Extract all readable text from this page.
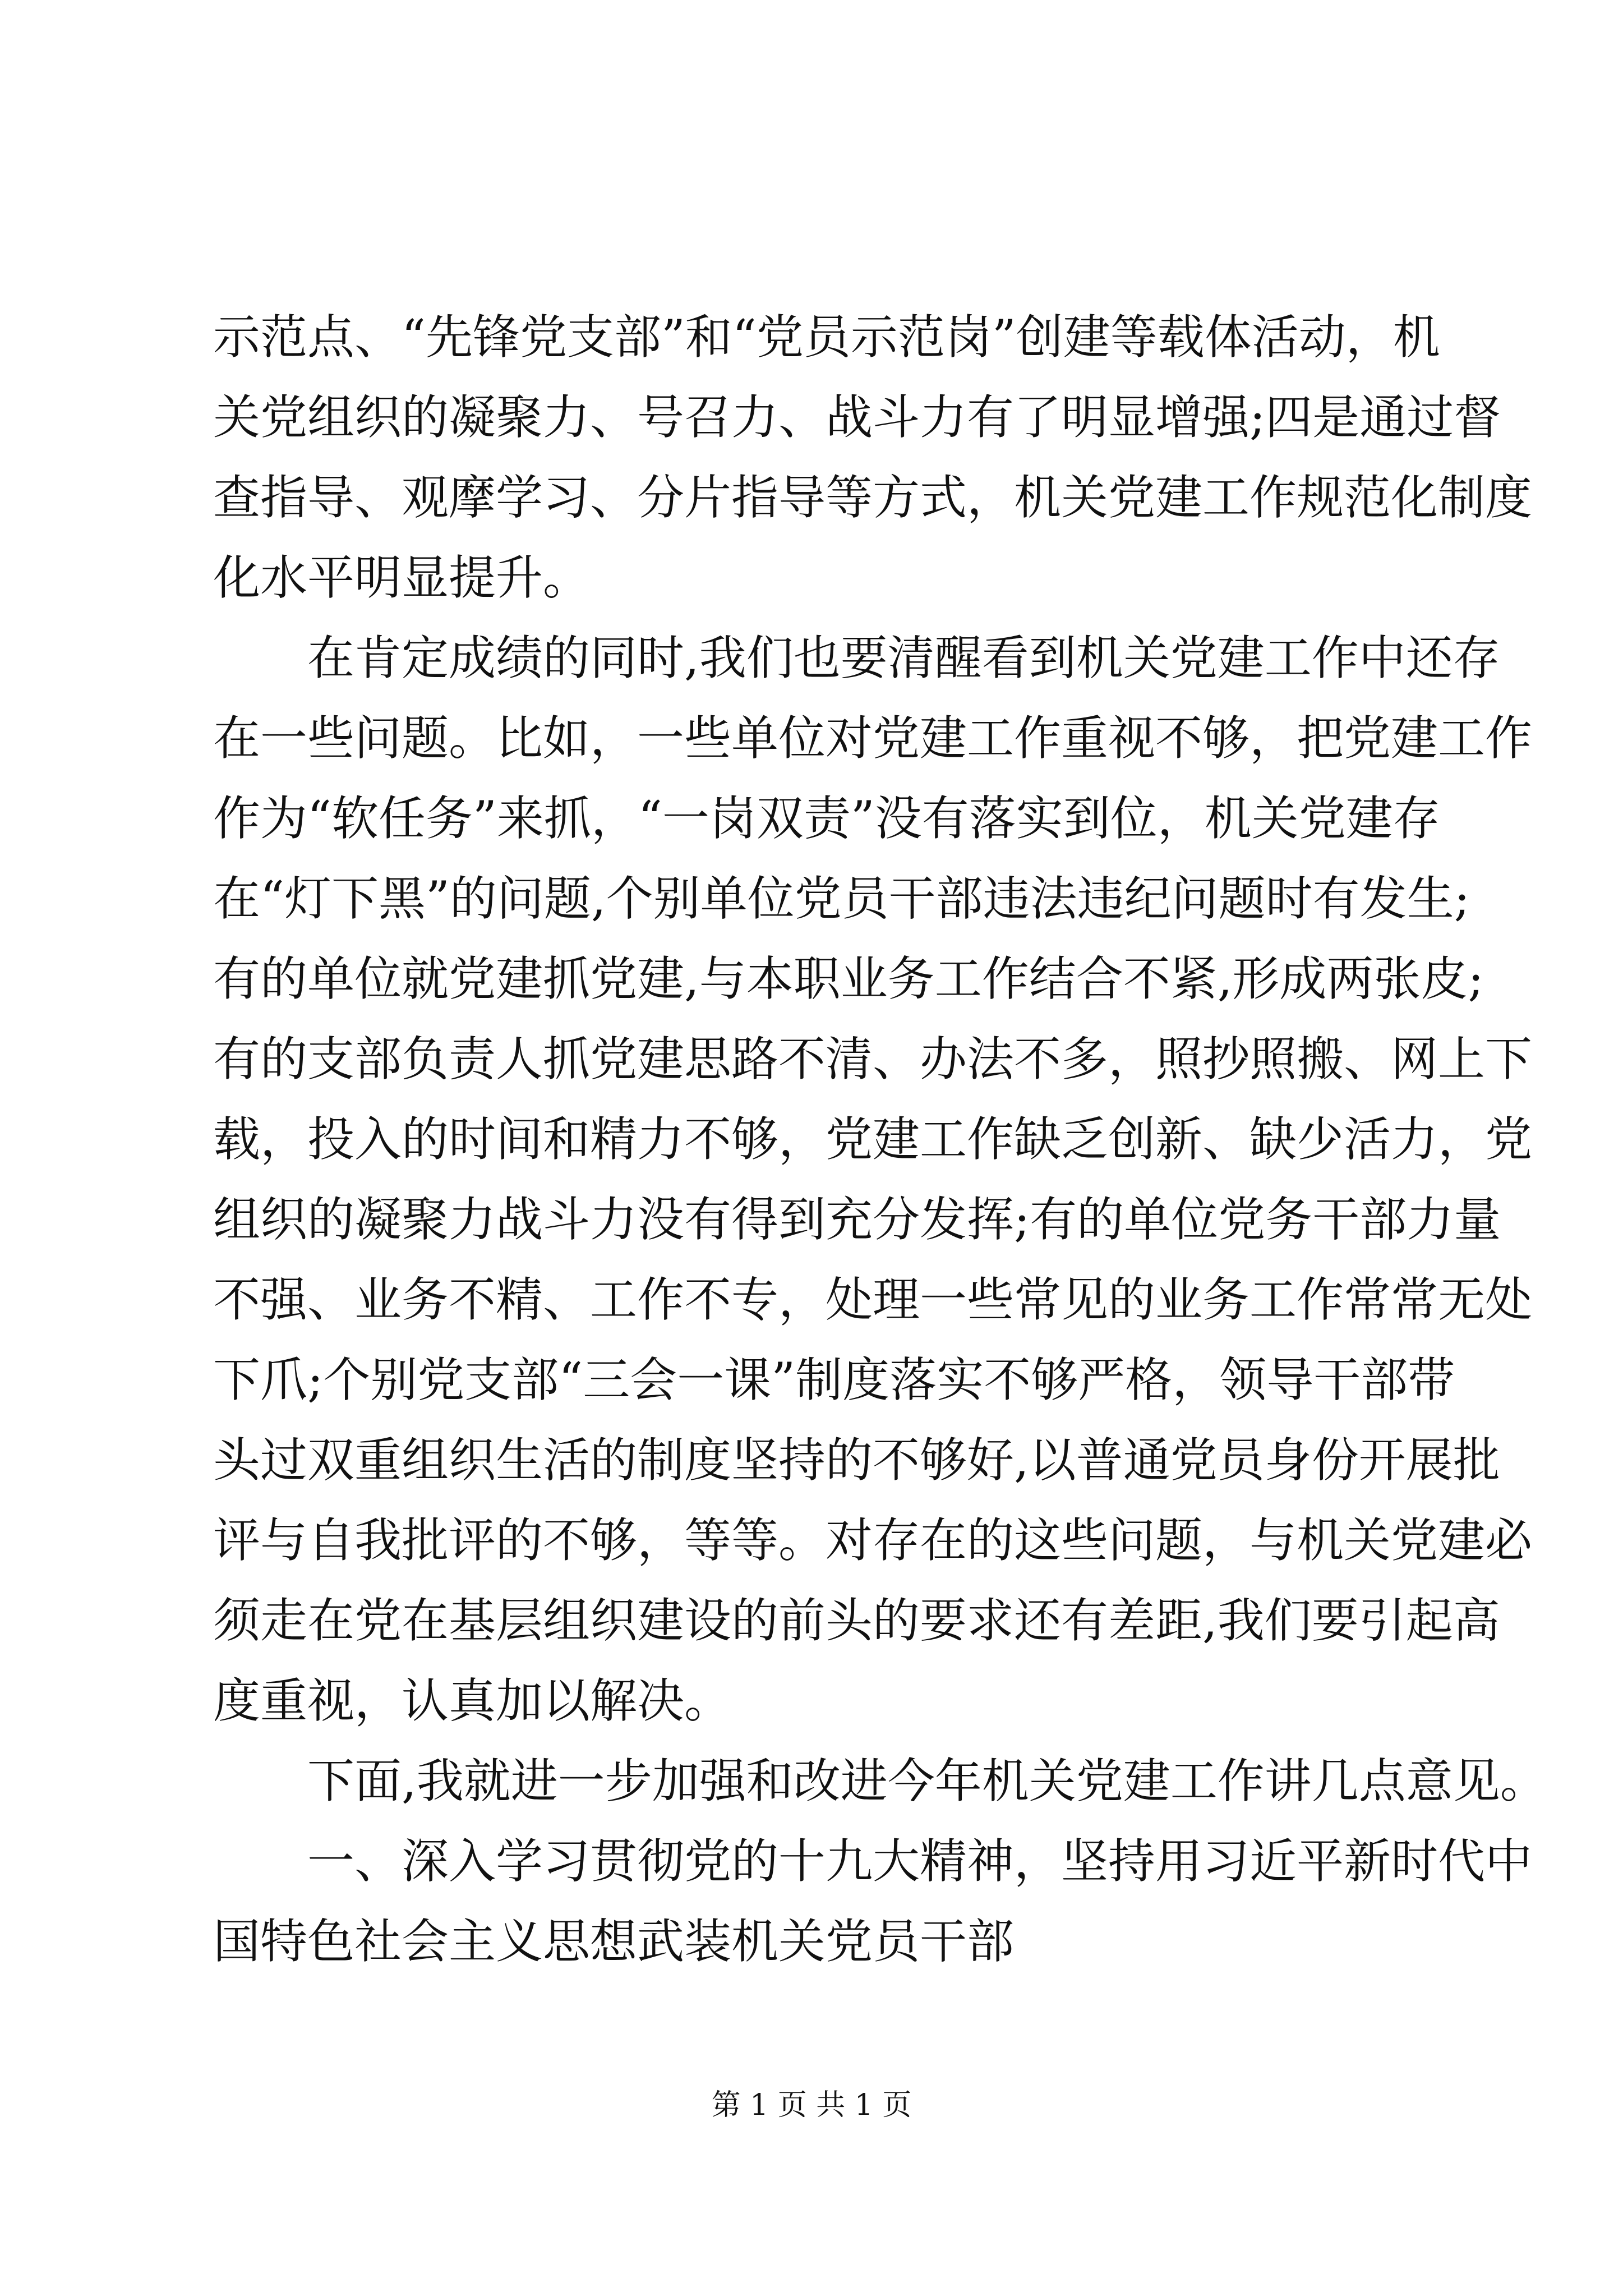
示范点、“先锋党支部”和“党员示范岗”创建等载体活动，机
关党组织的凝聚力、号召力、战斗力有了明显增强;四是通过督
查指导、观摩学习、分片指导等方式，机关党建工作规范化制度
化水平明显提升。
在肯定成绩的同时,我们也要清醒看到机关党建工作中还存
在一些问题。比如，一些单位对党建工作重视不够，把党建工作
作为“软任务”来抓，“一岗双责”没有落实到位，机关党建存
在“灯下黑”的问题,个别单位党员干部违法违纪问题时有发生;
有的单位就党建抓党建,与本职业务工作结合不紧,形成两张皮;
有的支部负责人抓党建思路不清、办法不多，照抄照搬、网上下
载，投入的时间和精力不够，党建工作缺乏创新、缺少活力，党
组织的凝聚力战斗力没有得到充分发挥;有的单位党务干部力量
不强、业务不精、工作不专，处理一些常见的业务工作常常无处
下爪;个别党支部“三会一课”制度落实不够严格，领导干部带
头过双重组织生活的制度坚持的不够好,以普通党员身份开展批
评与自我批评的不够，等等。对存在的这些问题，与机关党建必
须走在党在基层组织建设的前头的要求还有差距,我们要引起高
度重视，认真加以解决。
下面,我就进一步加强和改进今年机关党建工作讲几点意见。
一、深入学习贯彻党的十九大精神，坚持用习近平新时代中
国特色社会主义思想武装机关党员干部
第 1 页 共 1 页
